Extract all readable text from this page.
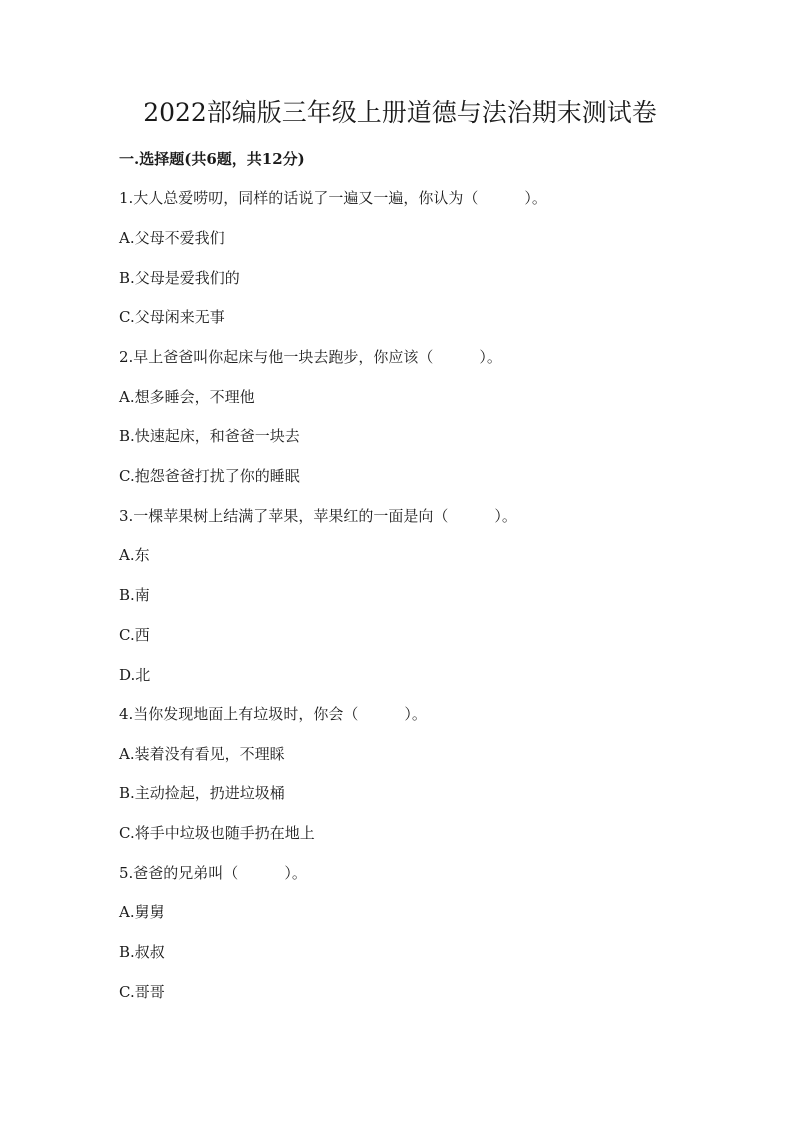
2022部编版三年级上册道德与法治期末测试卷
一.选择题(共6题，共12分)
1.大人总爱唠叨，同样的话说了一遍又一遍，你认为（	）。
A.父母不爱我们
B.父母是爱我们的
C.父母闲来无事
2.早上爸爸叫你起床与他一块去跑步，你应该（	）。
A.想多睡会，不理他
B.快速起床，和爸爸一块去
C.抱怨爸爸打扰了你的睡眠
3.一棵苹果树上结满了苹果，苹果红的一面是向（	）。
A.东
B.南
C.西
D.北
4.当你发现地面上有垃圾时，你会（	）。
A.装着没有看见，不理睬
B.主动捡起，扔进垃圾桶
C.将手中垃圾也随手扔在地上
5.爸爸的兄弟叫（	）。
A.舅舅
B.叔叔
C.哥哥
